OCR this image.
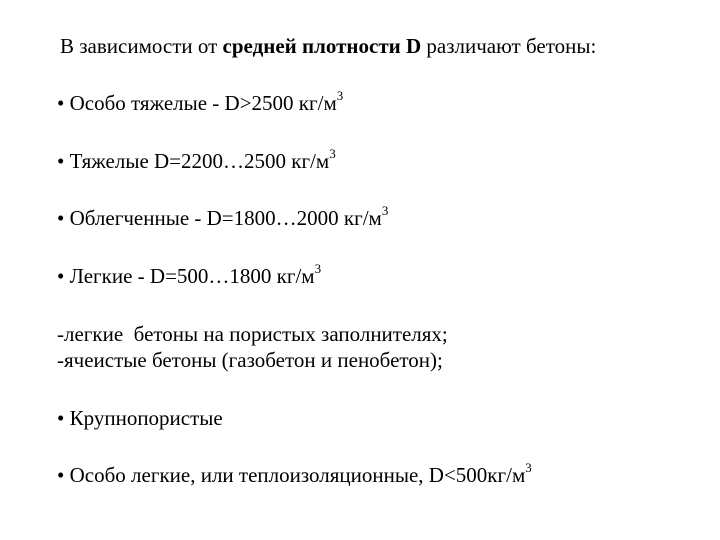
В зависимости от средней плотности D различают бетоны:
• Особо тяжелые - D>2500 $кг/м^3$
• Тяжелые D=2200…2500 $кг/м^3$
• Облегченные - D=1800…2000 $кг/м^3$
• Легкие - D=500…1800 $кг/м^3$
-легкие  бетоны на пористых заполнителях;
-ячеистые бетоны (газобетон и пенобетон);
• Крупнопористые
• Особо легкие, или теплоизоляционные, $D<500кг/м^3$
